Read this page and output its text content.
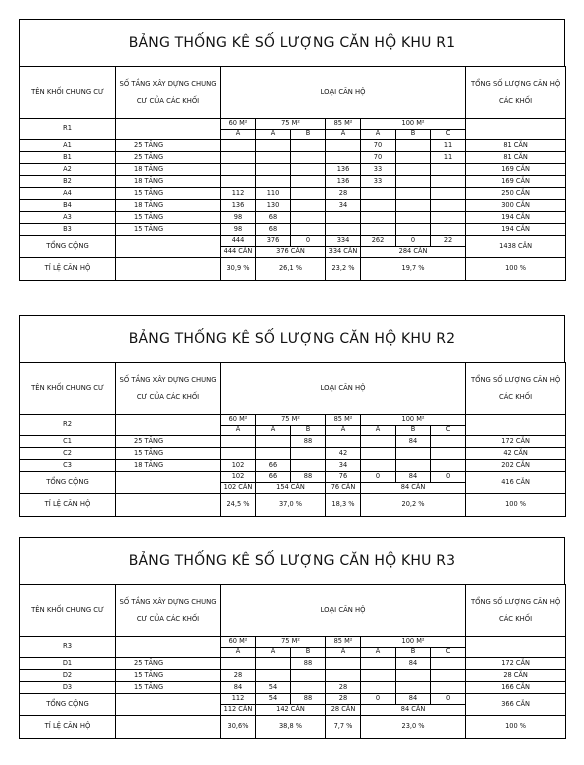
BẢNG THỐNG KÊ SỐ LƯỢNG CĂN HỘ KHU R1
TÊN KHỐI CHUNG CƯ	SỐ TẦNG XÂY DỰNG CHUNG CƯ CỦA CÁC KHỐI	LOẠI CĂN HỘ							TỔNG SỐ LƯỢNG CĂN HỘ CÁC KHỐI
R1		60 M²	75 M²		85 M²	100 M²			
		A	A	B	A	A	B	C	
A1	25 TẦNG					70		11	81 CĂN
B1	25 TẦNG					70		11	81 CĂN
A2	18 TẦNG				136	33			169 CĂN
B2	18 TẦNG				136	33			169 CĂN
A4	15 TẦNG	112	110		28				250 CĂN
B4	18 TẦNG	136	130		34				300 CĂN
A3	15 TẦNG	98	68						194 CĂN
B3	15 TẦNG	98	68						194 CĂN
TỔNG CỘNG		444	376	0	334	262	0	22	1438 CĂN
		444 CĂN	376 CĂN		334 CĂN	284 CĂN			
TỈ LỆ CĂN HỘ		30,9 %	26,1 %		23,2 %	19,7 %			100 %
BẢNG THỐNG KÊ SỐ LƯỢNG CĂN HỘ KHU R2
TÊN KHỐI CHUNG CƯ	SỐ TẦNG XÂY DỰNG CHUNG CƯ CỦA CÁC KHỐI	LOẠI CĂN HỘ							TỔNG SỐ LƯỢNG CĂN HỘ CÁC KHỐI
R2		60 M²	75 M²		85 M²	100 M²			
		A	A	B	A	A	B	C	
C1	25 TẦNG			88			84		172 CĂN
C2	15 TẦNG				42				42 CĂN
C3	18 TẦNG	102	66		34				202 CĂN
TỔNG CỘNG		102	66	88	76	0	84	0	416 CĂN
		102 CĂN	154 CĂN		76 CĂN	84 CĂN			
TỈ LỆ CĂN HỘ		24,5 %	37,0 %		18,3 %	20,2 %			100 %
BẢNG THỐNG KÊ SỐ LƯỢNG CĂN HỘ KHU R3
TÊN KHỐI CHUNG CƯ	SỐ TẦNG XÂY DỰNG CHUNG CƯ CỦA CÁC KHỐI	LOẠI CĂN HỘ							TỔNG SỐ LƯỢNG CĂN HỘ CÁC KHỐI
R3		60 M²	75 M²		85 M²	100 M²			
		A	A	B	A	A	B	C	
D1	25 TẦNG			88			84		172 CĂN
D2	15 TẦNG	28							28 CĂN
D3	15 TẦNG	84	54		28				166 CĂN
TỔNG CỘNG		112	54	88	28	0	84	0	366 CĂN
		112 CĂN	142 CĂN		28 CĂN	84 CĂN			
TỈ LỆ CĂN HỘ		30,6%	38,8 %		7,7 %	23,0 %			100 %
